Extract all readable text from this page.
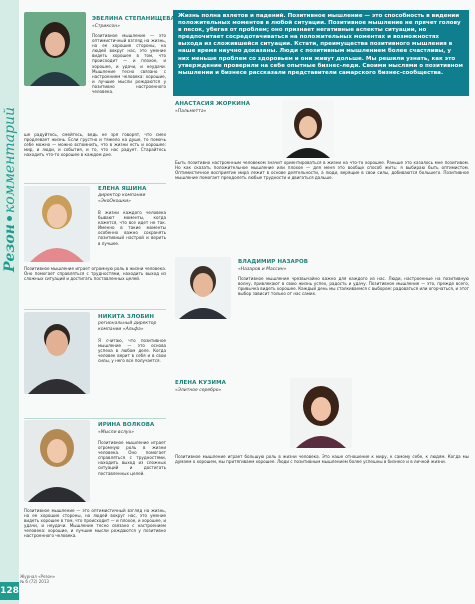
Резонкомментарий
128
Журнал «Резон» № 6 (72) 2013
Жизнь полна взлетов и падений. Позитивное мышление — это способность в видении положительных моментов в любой ситуации. Позитивное мышление не прячет голову в песок, убегая от проблем; оно признает негативные аспекты ситуации, но предпочитает сосредотачиваться на положительных моментах и возможностях выхода из сложившейся ситуации. Кстати, преимущества позитивного мышления в наше время научно доказаны. Люди с позитивным мышлением более счастливы, у них меньше проблем со здоровьем и они живут дольше. Мы решили узнать, как это утверждение проверили на себе опытные бизнес-леди. Своими мыслями о позитивном мышлении и бизнесе рассказали представители самарского бизнес-сообщества.
ЭВЕЛИНА СТЕПАНИЩЕВА
«Стриксон»
Позитивное мышление — это оптимистичный взгляд на жизнь, на ее хорошие стороны, на людей вокруг нас, это умение видеть хорошее в том, что происходит — и плохое, и хорошее, и удачи, и неудачи. Мышление тесно связано с настроением человека: хорошие, и лучшие мысли рождаются у позитивно настроенного человека.
ше радуйтесь, смейтесь, ведь не зря говорят, что смех продлевает жизнь. Если грустно и тяжело на душе, то помочь себе можно — можно вспомнить, что в жизни есть и хорошее: мир, и люди, и события, и то, что нас радует. Старайтесь находить что-то хорошее в каждом дне.
АНАСТАСИЯ ЖОРКИНА
«Пальметта»
Быть позитивно настроенным человеком значит ориентироваться в жизни на что-то хорошее. Раньше это казалось мне позитивом. Но как сказать положительное мышление или плохое — для меня это вообще способ жить: я выбираю быть оптимистом. Оптимистичное восприятие мира лежит в основе деятельности, а люди, верящие в свои силы, добиваются большего. Позитивное мышление помогает преодолеть любые трудности и двигаться дальше.
ЕЛЕНА ЯШИНА
директор компании «ЭкоОкошки»
В жизни каждого человека бывают моменты, когда кажется, что все идет не так. Именно в такие моменты особенно важно сохранять позитивный настрой и верить в лучшее.
Позитивное мышление играет огромную роль в жизни человека. Оно помогает справляться с трудностями, находить выход из сложных ситуаций и достигать поставленных целей.
ВЛАДИМИР НАЗАРОВ
«Назаров и Массин»
Позитивное мышление чрезвычайно важно для каждого из нас. Люди, настроенные на позитивную волну, привлекают в свою жизнь успех, радость и удачу. Позитивное мышление — это, прежде всего, привычка видеть хорошее. Каждый день мы сталкиваемся с выбором: радоваться или огорчаться, и этот выбор зависит только от нас самих.
НИКИТА ЗЛОБИН
региональный директор компании «Альфа»
Я считаю, что позитивное мышление — это основа успеха в любом деле. Когда человек верит в себя и в свои силы, у него все получается.
ЕЛЕНА КУЗИМА
«Элитное серебро»
Позитивное мышление играет большую роль в жизни человека. Это наше отношение к миру, к самому себе, к людям. Когда мы думаем о хорошем, мы притягиваем хорошее. Люди с позитивным мышлением более успешны в бизнесе и в личной жизни.
ИРИНА ВОЛКОВА
«Мысли вслух»
Позитивное мышление играет огромную роль в жизни человека. Оно помогает справляться с трудностями, находить выход из сложных ситуаций и достигать поставленных целей.
Позитивное мышление — это оптимистичный взгляд на жизнь, на ее хорошие стороны, на людей вокруг нас, это умение видеть хорошее в том, что происходит — и плохое, и хорошее, и удачи, и неудачи. Мышление тесно связано с настроением человека: хорошие, и лучшие мысли рождаются у позитивно настроенного человека.
